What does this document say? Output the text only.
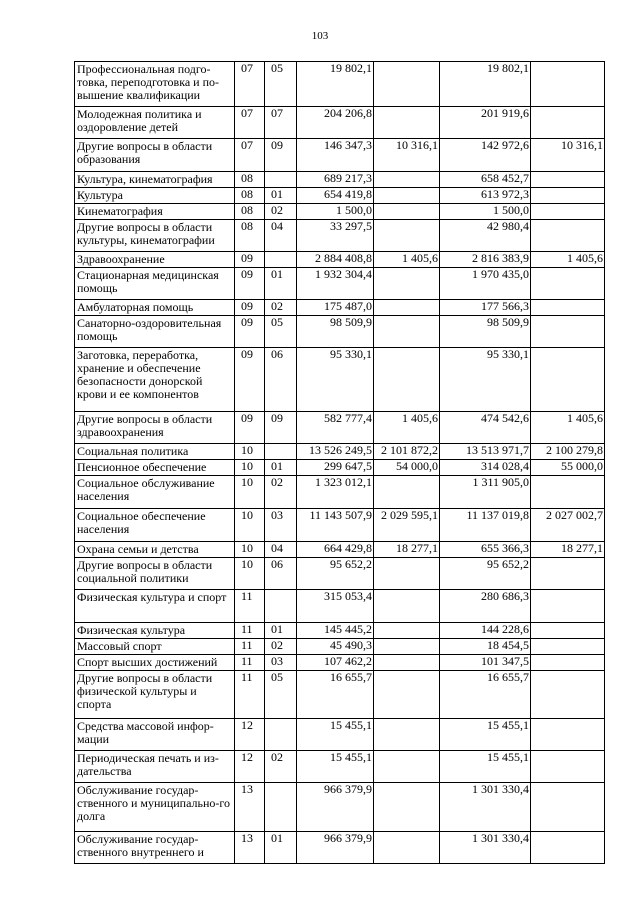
103
Профессиональная подго-товка, переподготовка и по-вышение квалификации	07	05	19 802,1		19 802,1	
Молодежная политика и оздоровление детей	07	07	204 206,8		201 919,6	
Другие вопросы в области образования	07	09	146 347,3	10 316,1	142 972,6	10 316,1
Культура, кинематография	08		689 217,3		658 452,7	
Культура	08	01	654 419,8		613 972,3	
Кинематография	08	02	1 500,0		1 500,0	
Другие вопросы в области культуры, кинематографии	08	04	33 297,5		42 980,4	
Здравоохранение	09		2 884 408,8	1 405,6	2 816 383,9	1 405,6
Стационарная медицинская помощь	09	01	1 932 304,4		1 970 435,0	
Амбулаторная помощь	09	02	175 487,0		177 566,3	
Санаторно-оздоровительная помощь	09	05	98 509,9		98 509,9	
Заготовка, переработка, хранение и обеспечение безопасности донорской крови и ее компонентов	09	06	95 330,1		95 330,1	
Другие вопросы в области здравоохранения	09	09	582 777,4	1 405,6	474 542,6	1 405,6
Социальная политика	10		13 526 249,5	2 101 872,2	13 513 971,7	2 100 279,8
Пенсионное обеспечение	10	01	299 647,5	54 000,0	314 028,4	55 000,0
Социальное обслуживание населения	10	02	1 323 012,1		1 311 905,0	
Социальное обеспечение населения	10	03	11 143 507,9	2 029 595,1	11 137 019,8	2 027 002,7
Охрана семьи и детства	10	04	664 429,8	18 277,1	655 366,3	18 277,1
Другие вопросы в области социальной политики	10	06	95 652,2		95 652,2	
Физическая культура и спорт	11		315 053,4		280 686,3	
Физическая культура	11	01	145 445,2		144 228,6	
Массовый спорт	11	02	45 490,3		18 454,5	
Спорт высших достижений	11	03	107 462,2		101 347,5	
Другие вопросы в области физической культуры и спорта	11	05	16 655,7		16 655,7	
Средства массовой инфор-мации	12		15 455,1		15 455,1	
Периодическая печать и из-дательства	12	02	15 455,1		15 455,1	
Обслуживание государ-ственного и муниципально-го долга	13		966 379,9		1 301 330,4	
Обслуживание государ-ственного внутреннего и	13	01	966 379,9		1 301 330,4	
